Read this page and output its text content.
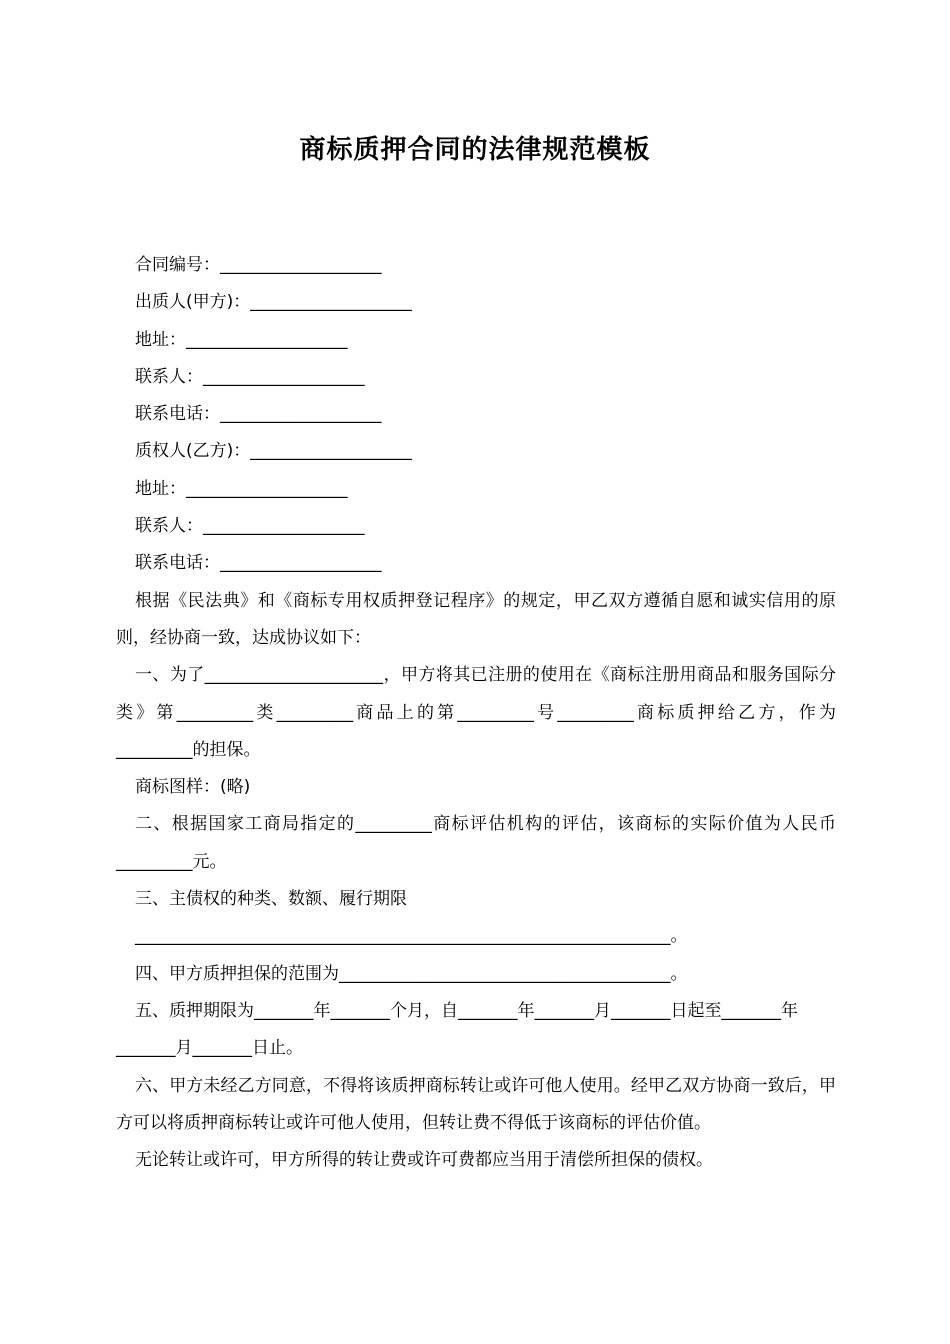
商标质押合同的法律规范模板

合同编号：___________________

出质人(甲方)：___________________

地址：___________________

联系人：___________________

联系电话：___________________

质权人(乙方)：___________________

地址：___________________

联系人：___________________

联系电话：___________________

根据《民法典》和《商标专用权质押登记程序》的规定，甲乙双方遵循自愿和诚实信用的原则，经协商一致，达成协议如下：

一、为了_____________________，甲方将其已注册的使用在《商标注册用商品和服务国际分类》第_________类_________商品上的第_________号_________商标质押给乙方，作为_________的担保。

商标图样：(略)

二、根据国家工商局指定的_________商标评估机构的评估，该商标的实际价值为人民币_________元。

三、主债权的种类、数额、履行期限

_______________________________________________________________。

四、甲方质押担保的范围为_______________________________________。

五、质押期限为_______年_______个月，自_______年_______月_______日起至_______年_______月_______日止。

六、甲方未经乙方同意，不得将该质押商标转让或许可他人使用。经甲乙双方协商一致后，甲方可以将质押商标转让或许可他人使用，但转让费不得低于该商标的评估价值。

无论转让或许可，甲方所得的转让费或许可费都应当用于清偿所担保的债权。
